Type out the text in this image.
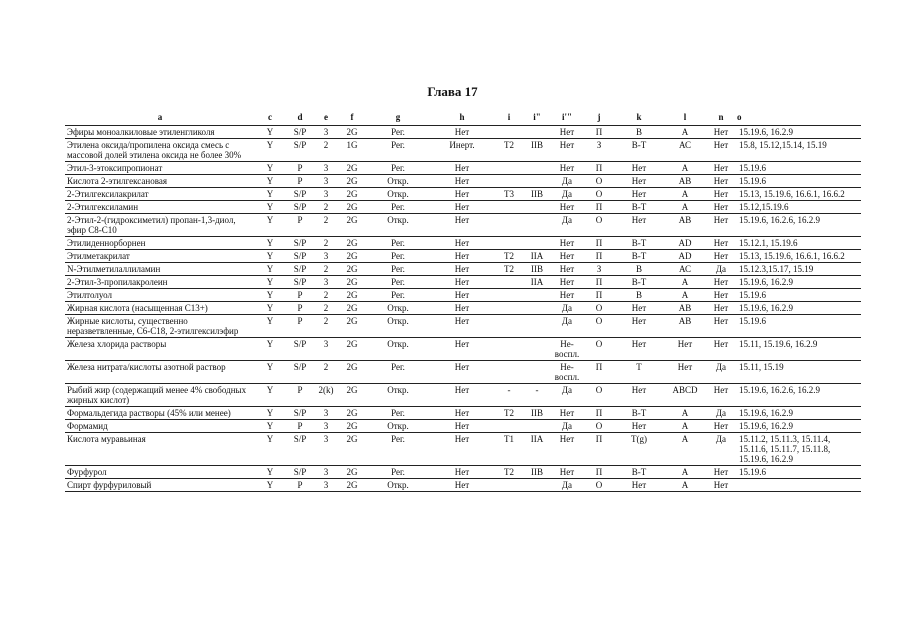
Глава 17
a	c	d	e	f	g	h	i	i"	i'"	j	k	l	n	o
Эфиры моноалкиловые этиленгликоля	Y	S/P	3	2G	Рег.	Нет			Нет	П	В	А	Нет	15.19.6, 16.2.9
Этилена оксида/пропилена оксида смесь с массовой долей этилена оксида не более 30%	Y	S/P	2	1G	Рег.	Инерт.	Т2	IIВ	Нет	З	В-Т	АС	Нет	15.8, 15.12,15.14, 15.19
Этил-3-этоксипропионат	Y	P	3	2G	Рег.	Нет			Нет	П	Нет	А	Нет	15.19.6
Кислота 2-этилгексановая	Y	P	3	2G	Откр.	Нет			Да	О	Нет	АВ	Нет	15.19.6
2-Этилгексилакрилат	Y	S/P	3	2G	Откр.	Нет	Т3	IIВ	Да	О	Нет	А	Нет	15.13, 15.19.6, 16.6.1, 16.6.2
2-Этилгексиламин	Y	S/P	2	2G	Рег.	Нет			Нет	П	В-Т	А	Нет	15.12,15.19.6
2-Этил-2-(гидроксиметил) пропан-1,3-диол, эфир С8-С10	Y	P	2	2G	Откр.	Нет			Да	О	Нет	АВ	Нет	15.19.6, 16.2.6, 16.2.9
Этилиденнорборнен	Y	S/P	2	2G	Рег.	Нет			Нет	П	В-Т	АD	Нет	15.12.1, 15.19.6
Этилметакрилат	Y	S/P	3	2G	Рег.	Нет	Т2	IIА	Нет	П	В-Т	АD	Нет	15.13, 15.19.6, 16.6.1, 16.6.2
N-Этилметилаллиламин	Y	S/P	2	2G	Рег.	Нет	Т2	IIВ	Нет	З	В	АС	Да	15.12.3,15.17, 15.19
2-Этил-3-пропилакролеин	Y	S/P	3	2G	Рег.	Нет		IIА	Нет	П	В-Т	А	Нет	15.19.6, 16.2.9
Этилтолуол	Y	P	2	2G	Рег.	Нет			Нет	П	В	А	Нет	15.19.6
Жирная кислота (насыщенная С13+)	Y	P	2	2G	Откр.	Нет			Да	О	Нет	АВ	Нет	15.19.6, 16.2.9
Жирные кислоты, существенно неразветвленные, С6-С18, 2-этилгексилэфир	Y	P	2	2G	Откр.	Нет			Да	О	Нет	АВ	Нет	15.19.6
Железа хлорида растворы	Y	S/P	3	2G	Откр.	Нет			Не-воспл.	О	Нет	Нет	Нет	15.11, 15.19.6, 16.2.9
Железа нитрата/кислоты азотной раствор	Y	S/P	2	2G	Рег.	Нет			Не-воспл.	П	Т	Нет	Да	15.11, 15.19
Рыбий жир (содержащий менее 4% свободных жирных кислот)	Y	P	2(k)	2G	Откр.	Нет	-	-	Да	О	Нет	ABCD	Нет	15.19.6, 16.2.6, 16.2.9
Формальдегида растворы (45% или менее)	Y	S/P	3	2G	Рег.	Нет	Т2	IIВ	Нет	П	В-Т	А	Да	15.19.6, 16.2.9
Формамид	Y	P	3	2G	Откр.	Нет			Да	О	Нет	А	Нет	15.19.6, 16.2.9
Кислота муравьиная	Y	S/P	3	2G	Рег.	Нет	Т1	IIА	Нет	П	T(g)	А	Да	15.11.2, 15.11.3, 15.11.4, 15.11.6, 15.11.7, 15.11.8, 15.19.6, 16.2.9
Фурфурол	Y	S/P	3	2G	Рег.	Нет	Т2	IIВ	Нет	П	В-Т	А	Нет	15.19.6
Спирт фурфуриловый	Y	P	3	2G	Откр.	Нет			Да	О	Нет	А	Нет	
